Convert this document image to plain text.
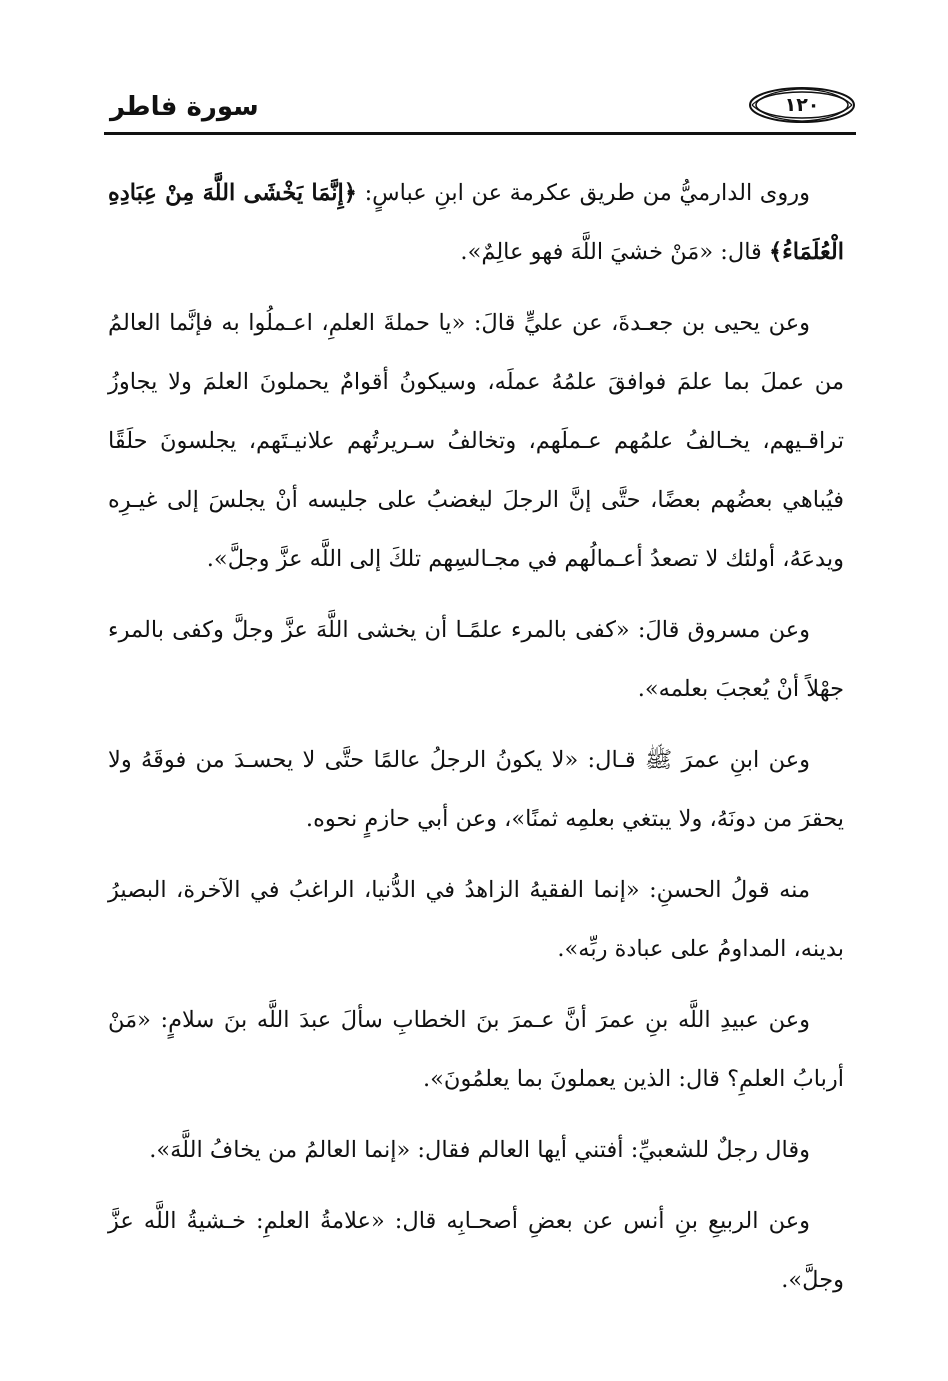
سورة فاطر	١٢٠

وروى الدارميُّ من طريق عكرمة عن ابنِ عباسٍ: ﴿إِنَّمَا يَخْشَى اللَّهَ مِنْ عِبَادِهِ الْعُلَمَاءُ﴾ قال: «مَنْ خشيَ اللَّهَ فهو عالِمٌ».

وعن يحيى بن جعـدةَ، عن عليٍّ قالَ: «يا حملةَ العلمِ، اعـملُوا به فإنَّما العالمُ من عملَ بما علمَ فوافقَ علمُهُ عملَه، وسيكونُ أقوامٌ يحملونَ العلمَ ولا يجاوزُ تراقـيهم، يخـالفُ علمُهم عـملَهم، وتخالفُ سـريرتُهم علانيـتَهم، يجلسونَ حلَقًا فيُباهي بعضُهم بعضًا، حتَّى إنَّ الرجلَ ليغضبُ على جليسه أنْ يجلسَ إلى غيـرِه ويدعَهُ، أولئك لا تصعدُ أعـمالُهم في مجـالسِهم تلكَ إلى اللَّه عزَّ وجلَّ».

وعن مسروق قالَ: «كفى بالمرء علمًـا أن يخشى اللَّهَ عزَّ وجلَّ وكفى بالمرء جهْلاً أنْ يُعجبَ بعلمه».

وعن ابنِ عمرَ ﷺ قـال: «لا يكونُ الرجلُ عالمًا حتَّى لا يحسـدَ من فوقَهُ ولا يحقرَ من دونَهُ، ولا يبتغي بعلمِه ثمنًا»، وعن أبي حازمٍ نحوه.

منه قولُ الحسنِ: «إنما الفقيهُ الزاهدُ في الدُّنيا، الراغبُ في الآخرة، البصيرُ بدينه، المداومُ على عبادة ربِّه».

وعن عبيدِ اللَّه بنِ عمرَ أنَّ عـمرَ بنَ الخطابِ سألَ عبدَ اللَّه بنَ سلامٍ: «مَنْ أربابُ العلمِ؟ قال: الذين يعملونَ بما يعلمُونَ».

وقال رجلٌ للشعبيِّ: أفتني أيها العالم فقال: «إنما العالمُ من يخافُ اللَّهَ».

وعن الربيعِ بنِ أنس عن بعضِ أصحـابِه قال: «علامةُ العلمِ: خـشيةُ اللَّه عزَّ وجلَّ».
